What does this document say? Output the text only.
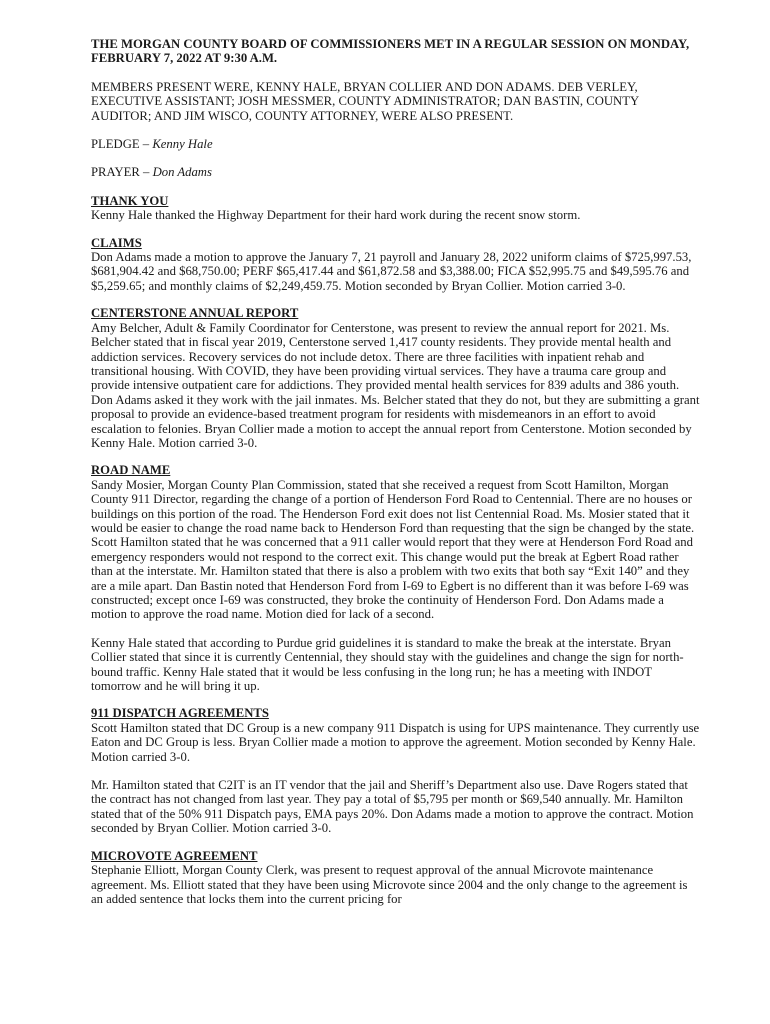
THE MORGAN COUNTY BOARD OF COMMISSIONERS MET IN A REGULAR SESSION ON MONDAY, FEBRUARY 7, 2022 AT 9:30 A.M.

MEMBERS PRESENT WERE, KENNY HALE, BRYAN COLLIER AND DON ADAMS. DEB VERLEY, EXECUTIVE ASSISTANT; JOSH MESSMER, COUNTY ADMINISTRATOR; DAN BASTIN, COUNTY AUDITOR; AND JIM WISCO, COUNTY ATTORNEY, WERE ALSO PRESENT.

PLEDGE – Kenny Hale

PRAYER – Don Adams

THANK YOU

Kenny Hale thanked the Highway Department for their hard work during the recent snow storm.

CLAIMS

Don Adams made a motion to approve the January 7, 21 payroll and January 28, 2022 uniform claims of $725,997.53, $681,904.42 and $68,750.00; PERF $65,417.44 and $61,872.58 and $3,388.00; FICA $52,995.75 and $49,595.76 and $5,259.65; and monthly claims of $2,249,459.75. Motion seconded by Bryan Collier. Motion carried 3-0.

CENTERSTONE ANNUAL REPORT

Amy Belcher, Adult & Family Coordinator for Centerstone, was present to review the annual report for 2021. Ms. Belcher stated that in fiscal year 2019, Centerstone served 1,417 county residents. They provide mental health and addiction services. Recovery services do not include detox. There are three facilities with inpatient rehab and transitional housing. With COVID, they have been providing virtual services. They have a trauma care group and provide intensive outpatient care for addictions. They provided mental health services for 839 adults and 386 youth. Don Adams asked it they work with the jail inmates. Ms. Belcher stated that they do not, but they are submitting a grant proposal to provide an evidence-based treatment program for residents with misdemeanors in an effort to avoid escalation to felonies. Bryan Collier made a motion to accept the annual report from Centerstone. Motion seconded by Kenny Hale. Motion carried 3-0.

ROAD NAME

Sandy Mosier, Morgan County Plan Commission, stated that she received a request from Scott Hamilton, Morgan County 911 Director, regarding the change of a portion of Henderson Ford Road to Centennial. There are no houses or buildings on this portion of the road. The Henderson Ford exit does not list Centennial Road. Ms. Mosier stated that it would be easier to change the road name back to Henderson Ford than requesting that the sign be changed by the state. Scott Hamilton stated that he was concerned that a 911 caller would report that they were at Henderson Ford Road and emergency responders would not respond to the correct exit. This change would put the break at Egbert Road rather than at the interstate. Mr. Hamilton stated that there is also a problem with two exits that both say “Exit 140” and they are a mile apart. Dan Bastin noted that Henderson Ford from I-69 to Egbert is no different than it was before I-69 was constructed; except once I-69 was constructed, they broke the continuity of Henderson Ford. Don Adams made a motion to approve the road name. Motion died for lack of a second.

Kenny Hale stated that according to Purdue grid guidelines it is standard to make the break at the interstate. Bryan Collier stated that since it is currently Centennial, they should stay with the guidelines and change the sign for north-bound traffic. Kenny Hale stated that it would be less confusing in the long run; he has a meeting with INDOT tomorrow and he will bring it up.

911 DISPATCH AGREEMENTS

Scott Hamilton stated that DC Group is a new company 911 Dispatch is using for UPS maintenance. They currently use Eaton and DC Group is less. Bryan Collier made a motion to approve the agreement. Motion seconded by Kenny Hale. Motion carried 3-0.

Mr. Hamilton stated that C2IT is an IT vendor that the jail and Sheriff’s Department also use. Dave Rogers stated that the contract has not changed from last year. They pay a total of $5,795 per month or $69,540 annually. Mr. Hamilton stated that of the 50% 911 Dispatch pays, EMA pays 20%. Don Adams made a motion to approve the contract. Motion seconded by Bryan Collier. Motion carried 3-0.

MICROVOTE AGREEMENT

Stephanie Elliott, Morgan County Clerk, was present to request approval of the annual Microvote maintenance agreement. Ms. Elliott stated that they have been using Microvote since 2004 and the only change to the agreement is an added sentence that locks them into the current pricing for
